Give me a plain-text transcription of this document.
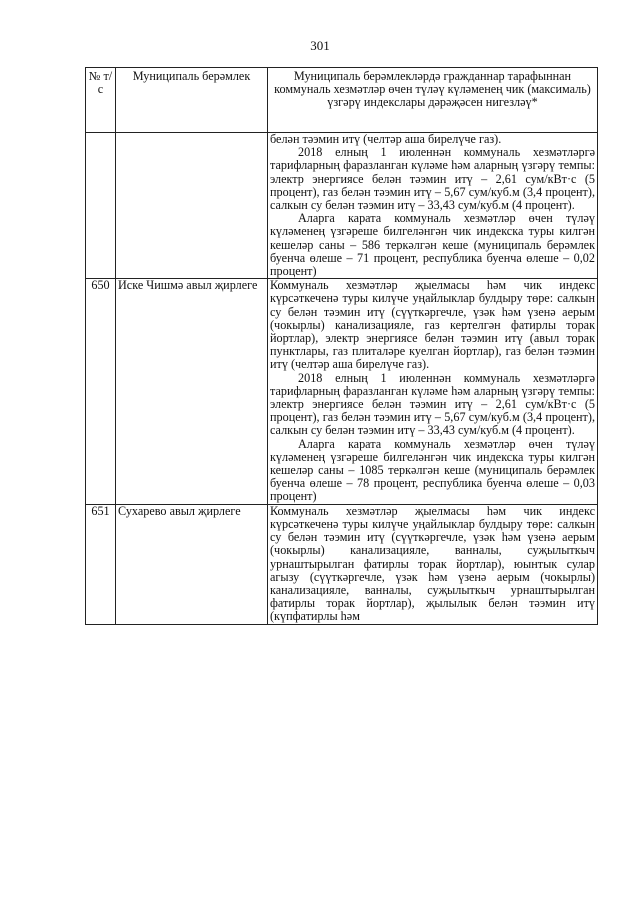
301
№ т/с	Муниципаль берәмлек	Муниципаль берәмлекләрдә гражданнар тарафыннан коммуналь хезмәтләр өчен түләү күләменең чик (максималь) үзгәрү индекслары дәрәҗәсен нигезләү*

		белән тәэмин итү (челтәр аша бирелүче газ).

2018 елның 1 июленнән коммуналь хезмәтләргә тарифларның фаразланган күләме һәм аларның үзгәрү темпы: электр энергиясе белән тәэмин итү – 2,61 сум/кВт·с (5 процент), газ белән тәэмин итү – 5,67 сум/куб.м (3,4 процент), салкын су белән тәэмин итү – 33,43 сум/куб.м (4 процент).

Аларга карата коммуналь хезмәтләр өчен түләү күләменең үзгәреше билгеләнгән чик индекска туры килгән кешеләр саны – 586 теркәлгән кеше (муниципаль берәмлек буенча өлеше – 71 процент, республика буенча өлеше – 0,02 процент)

650	Иске Чишмә авыл җирлеге	Коммуналь хезмәтләр җыелмасы һәм чик индекс күрсәткеченә туры килүче уңайлыклар булдыру төре: салкын су белән тәэмин итү (сүүткәргечле, үзәк һәм үзенә аерым (чокырлы) канализацияле, газ кертелгән фатирлы торак йортлар), электр энергиясе белән тәэмин итү (авыл торак пунктлары, газ плиталәре куелган йортлар), газ белән тәэмин итү (челтәр аша бирелүче газ).

2018 елның 1 июленнән коммуналь хезмәтләргә тарифларның фаразланган күләме һәм аларның үзгәрү темпы: электр энергиясе белән тәэмин итү – 2,61 сум/кВт·с (5 процент), газ белән тәэмин итү – 5,67 сум/куб.м (3,4 процент), салкын су белән тәэмин итү – 33,43 сум/куб.м (4 процент).

Аларга карата коммуналь хезмәтләр өчен түләү күләменең үзгәреше билгеләнгән чик индекска туры килгән кешеләр саны – 1085 теркәлгән кеше (муниципаль берәмлек буенча өлеше – 78 процент, республика буенча өлеше – 0,03 процент)

651	Сухарево авыл җирлеге	Коммуналь хезмәтләр җыелмасы һәм чик индекс күрсәткеченә туры килүче уңайлыклар булдыру төре: салкын су белән тәэмин итү (сүүткәргечле, үзәк һәм үзенә аерым (чокырлы) канализацияле, ванналы, суҗылыткыч урнаштырылган фатирлы торак йортлар), юынтык сулар агызу (сүүткәргечле, үзәк һәм үзенә аерым (чокырлы) канализацияле, ванналы, суҗылыткыч урнаштырылган фатирлы торак йортлар), җылылык белән тәэмин итү (күпфатирлы һәм
